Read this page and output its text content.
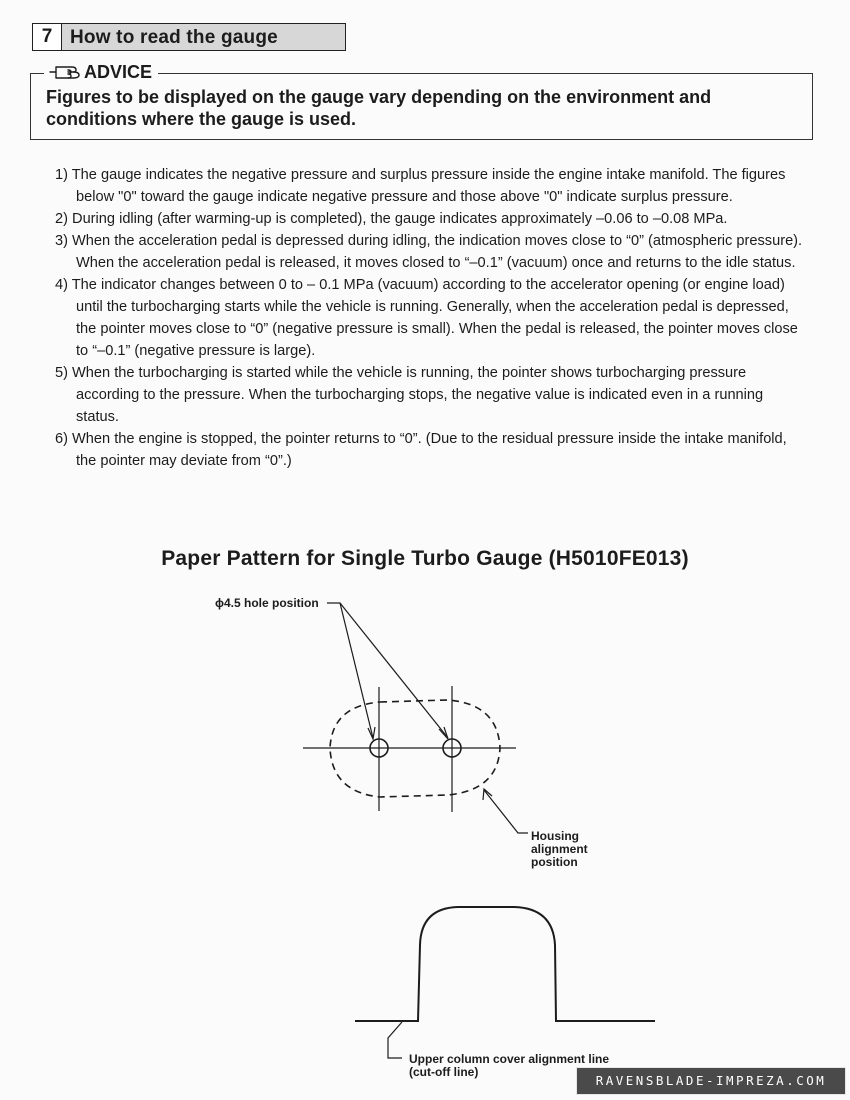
7 How to read the gauge
ADVICE
Figures to be displayed on the gauge vary depending on the environment and conditions where the gauge is used.
1) The gauge indicates the negative pressure and surplus pressure inside the engine intake manifold. The figures below "0" toward the gauge indicate negative pressure and those above "0" indicate surplus pressure.
2) During idling (after warming-up is completed), the gauge indicates approximately –0.06 to –0.08 MPa.
3) When the acceleration pedal is depressed during idling, the indication moves close to “0” (atmospheric pressure). When the acceleration pedal is released, it moves closed to “–0.1” (vacuum) once and returns to the idle status.
4) The indicator changes between 0 to – 0.1 MPa (vacuum) according to the accelerator opening (or engine load) until the turbocharging starts while the vehicle is running. Generally, when the acceleration pedal is depressed, the pointer moves close to “0” (negative pressure is small). When the pedal is released, the pointer moves close to “–0.1” (negative pressure is large).
5) When the turbocharging is started while the vehicle is running, the pointer shows turbocharging pressure according to the pressure. When the turbocharging stops, the negative value is indicated even in a running status.
6) When the engine is stopped, the pointer returns to “0”. (Due to the residual pressure inside the intake manifold, the pointer may deviate from “0”.)
Paper Pattern for Single Turbo Gauge (H5010FE013)
ϕ4.5 hole position
Housing alignment position
Upper column cover alignment line (cut-off line)
RAVENSBLADE-IMPREZA.COM
